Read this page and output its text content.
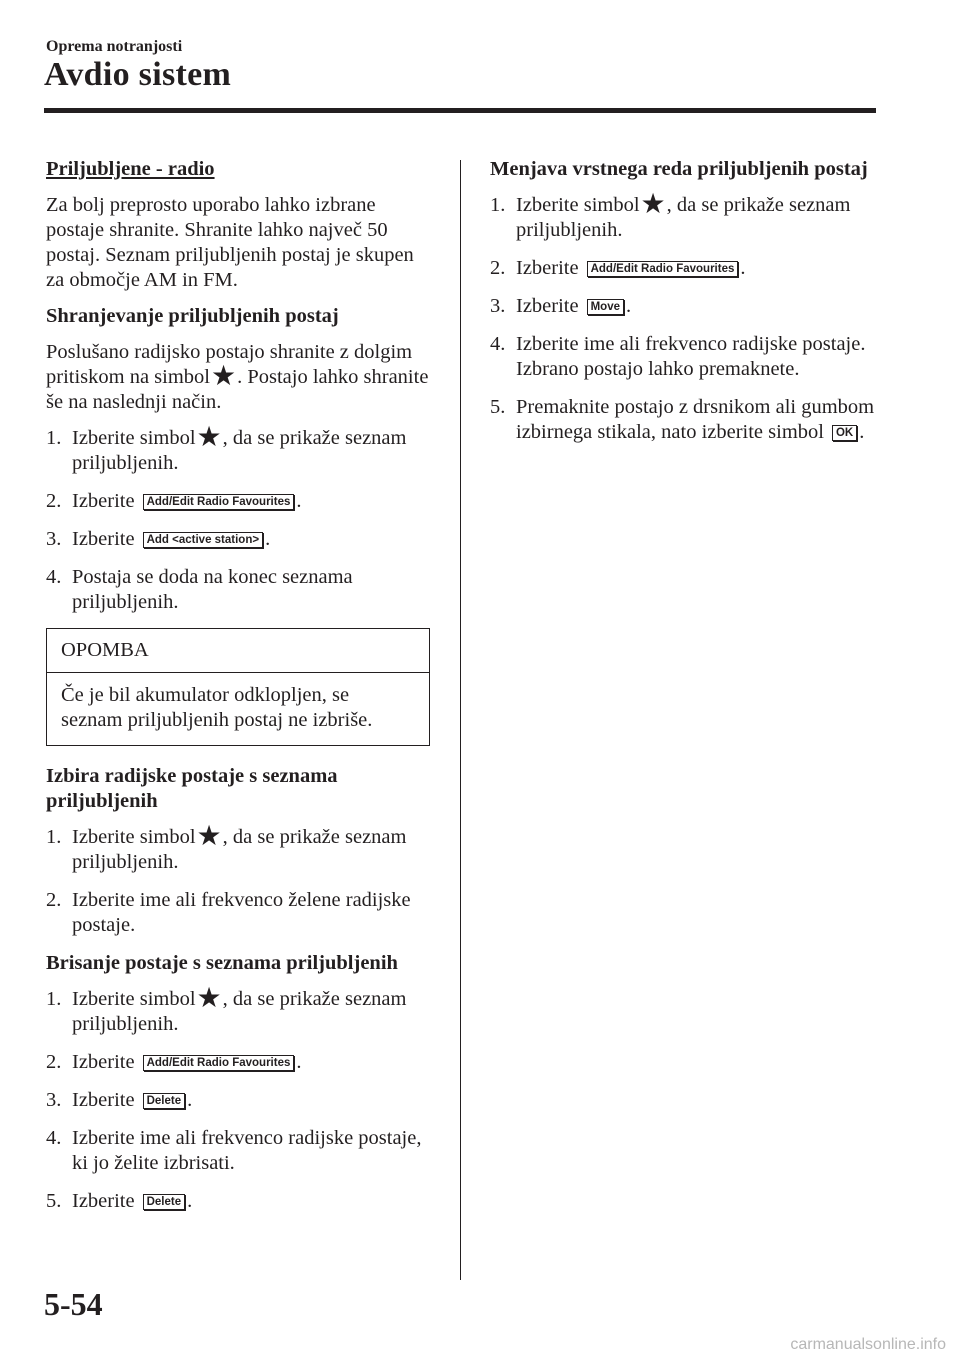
Oprema notranjosti
Avdio sistem

Priljubljene - radio

Za bolj preprosto uporabo lahko izbrane postaje shranite. Shranite lahko največ 50 postaj. Seznam priljubljenih postaj je skupen za območje AM in FM.

Shranjevanje priljubljenih postaj

Poslušano radijsko postajo shranite z dolgim pritiskom na simbol★. Postajo lahko shranite še na naslednji način.

1. Izberite simbol★, da se prikaže seznam priljubljenih.
2. Izberite Add/Edit Radio Favourites .
3. Izberite Add <active station> .
4. Postaja se doda na konec seznama priljubljenih.
OPOMBA
Če je bil akumulator odklopljen, se seznam priljubljenih postaj ne izbriše.

Izbira radijske postaje s seznama priljubljenih

1. Izberite simbol★, da se prikaže seznam priljubljenih.
2. Izberite ime ali frekvenco želene radijske postaje.

Brisanje postaje s seznama priljubljenih

1. Izberite simbol★, da se prikaže seznam priljubljenih.
2. Izberite Add/Edit Radio Favourites .
3. Izberite Delete .
4. Izberite ime ali frekvenco radijske postaje, ki jo želite izbrisati.
5. Izberite Delete .

Menjava vrstnega reda priljubljenih postaj

1. Izberite simbol★, da se prikaže seznam priljubljenih.
2. Izberite Add/Edit Radio Favourites .
3. Izberite Move .
4. Izberite ime ali frekvenco radijske postaje. Izbrano postajo lahko premaknete.
5. Premaknite postajo z drsnikom ali gumbom izbirnega stikala, nato izberite simbol OK .
5-54
carmanualsonline.info
